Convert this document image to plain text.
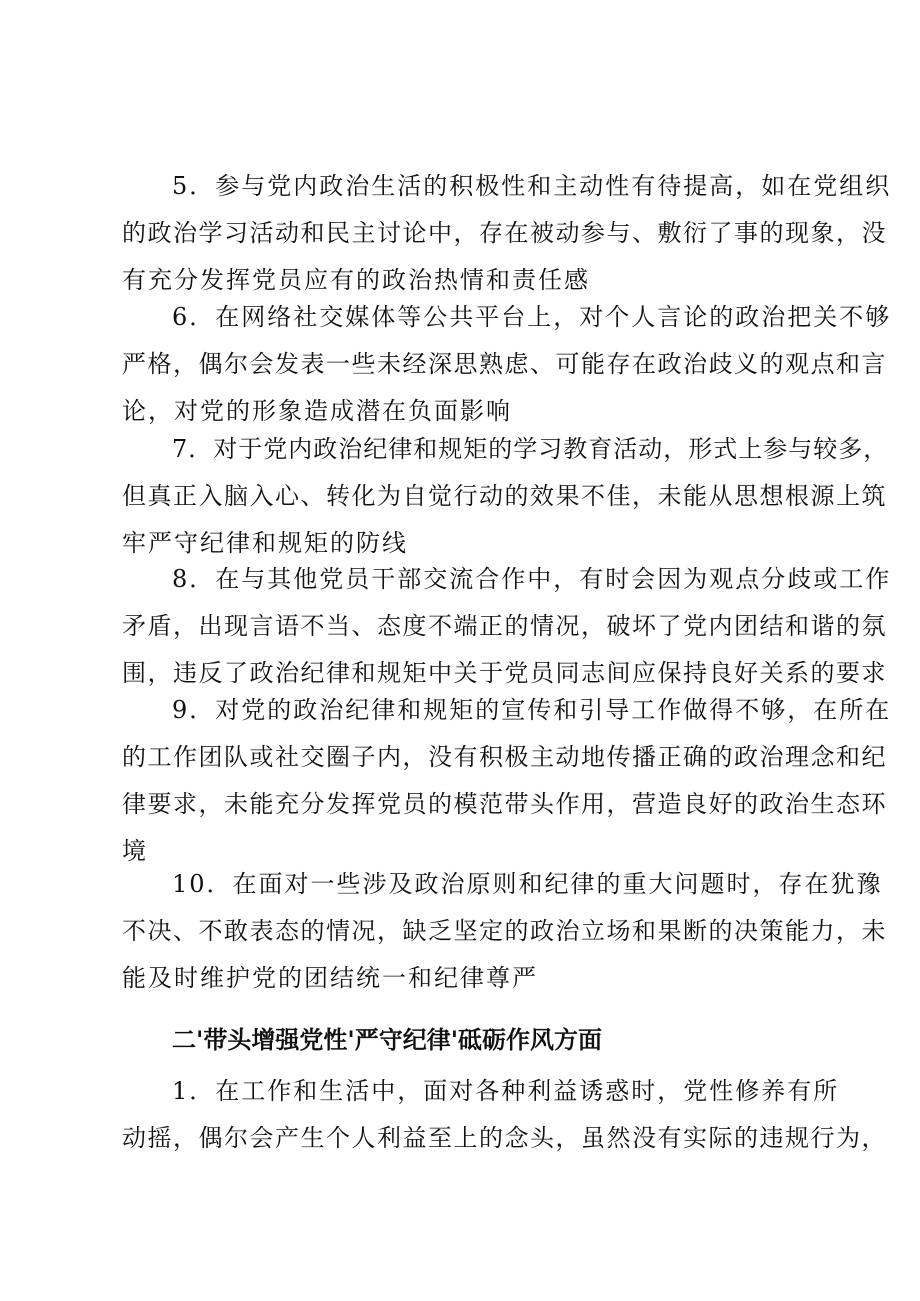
5．参与党内政治生活的积极性和主动性有待提高，如在党组织
的政治学习活动和民主讨论中，存在被动参与、敷衍了事的现象，没
有充分发挥党员应有的政治热情和责任感
6．在网络社交媒体等公共平台上，对个人言论的政治把关不够
严格，偶尔会发表一些未经深思熟虑、可能存在政治歧义的观点和言
论，对党的形象造成潜在负面影响
7．对于党内政治纪律和规矩的学习教育活动，形式上参与较多，
但真正入脑入心、转化为自觉行动的效果不佳，未能从思想根源上筑
牢严守纪律和规矩的防线
8．在与其他党员干部交流合作中，有时会因为观点分歧或工作
矛盾，出现言语不当、态度不端正的情况，破坏了党内团结和谐的氛
围，违反了政治纪律和规矩中关于党员同志间应保持良好关系的要求
9．对党的政治纪律和规矩的宣传和引导工作做得不够，在所在
的工作团队或社交圈子内，没有积极主动地传播正确的政治理念和纪
律要求，未能充分发挥党员的模范带头作用，营造良好的政治生态环
境
10．在面对一些涉及政治原则和纪律的重大问题时，存在犹豫
不决、不敢表态的情况，缺乏坚定的政治立场和果断的决策能力，未
能及时维护党的团结统一和纪律尊严
二'带头增强党性'严守纪律'砥砺作风方面
1．在工作和生活中，面对各种利益诱惑时，党性修养有所
动摇，偶尔会产生个人利益至上的念头，虽然没有实际的违规行为，
